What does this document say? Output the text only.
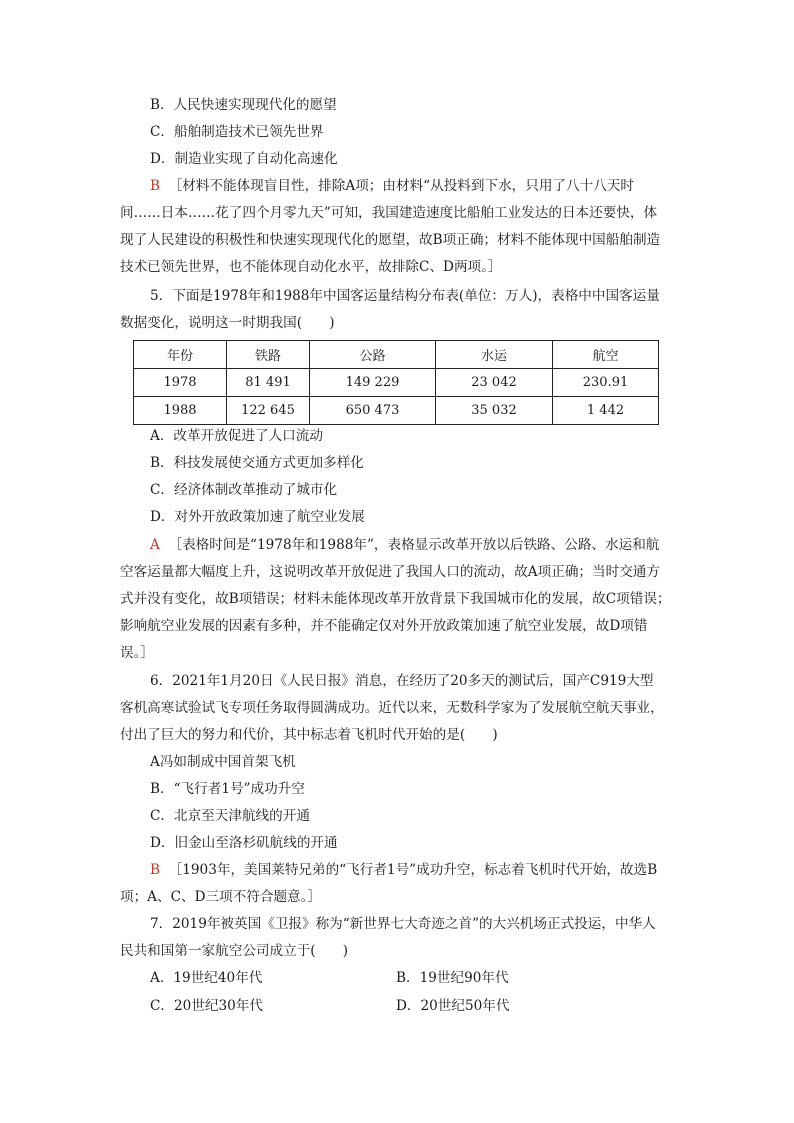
B．人民快速实现现代化的愿望
C．船舶制造技术已领先世界
D．制造业实现了自动化高速化
B ［材料不能体现盲目性，排除A项；由材料“从投料到下水，只用了八十八天时
间……日本……花了四个月零九天”可知，我国建造速度比船舶工业发达的日本还要快，体
现了人民建设的积极性和快速实现现代化的愿望，故B项正确；材料不能体现中国船舶制造
技术已领先世界，也不能体现自动化水平，故排除C、D两项。］
5．下面是1978年和1988年中国客运量结构分布表(单位：万人)，表格中中国客运量
数据变化，说明这一时期我国(　　)
年份	铁路	公路	水运	航空
1978	81 491	149 229	23 042	230.91
1988	122 645	650 473	35 032	1 442
A．改革开放促进了人口流动
B．科技发展使交通方式更加多样化
C．经济体制改革推动了城市化
D．对外开放政策加速了航空业发展
A ［表格时间是“1978年和1988年”，表格显示改革开放以后铁路、公路、水运和航
空客运量都大幅度上升，这说明改革开放促进了我国人口的流动，故A项正确；当时交通方
式并没有变化，故B项错误；材料未能体现改革开放背景下我国城市化的发展，故C项错误；
影响航空业发展的因素有多种，并不能确定仅对外开放政策加速了航空业发展，故D项错
误。］
6．2021年1月20日《人民日报》消息，在经历了20多天的测试后，国产C919大型
客机高寒试验试飞专项任务取得圆满成功。近代以来，无数科学家为了发展航空航天事业，
付出了巨大的努力和代价，其中标志着飞机时代开始的是(　　)
A冯如制成中国首架飞机
B．“飞行者1号”成功升空
C．北京至天津航线的开通
D．旧金山至洛杉矶航线的开通
B ［1903年，美国莱特兄弟的“飞行者1号”成功升空，标志着飞机时代开始，故选B
项；A、C、D三项不符合题意。］
7．2019年被英国《卫报》称为“新世界七大奇迹之首”的大兴机场正式投运，中华人
民共和国第一家航空公司成立于(　　)
A．19世纪40年代	B．19世纪90年代
C．20世纪30年代	D．20世纪50年代
